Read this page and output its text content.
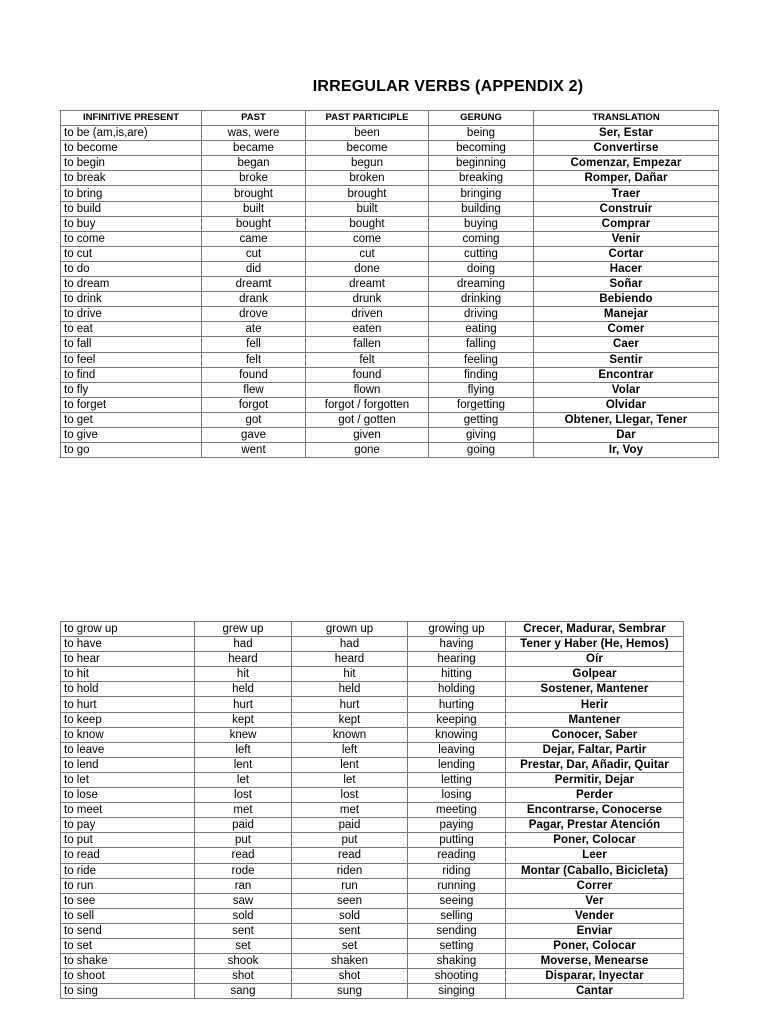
IRREGULAR VERBS (APPENDIX 2)
INFINITIVE PRESENT	PAST	PAST PARTICIPLE	GERUNG	TRANSLATION
to be (am,is,are)	was, were	been	being	Ser, Estar
to become	became	become	becoming	Convertirse
to begin	began	begun	beginning	Comenzar, Empezar
to break	broke	broken	breaking	Romper, Dañar
to bring	brought	brought	bringing	Traer
to build	built	built	building	Construir
to buy	bought	bought	buying	Comprar
to come	came	come	coming	Venir
to cut	cut	cut	cutting	Cortar
to do	did	done	doing	Hacer
to dream	dreamt	dreamt	dreaming	Soñar
to drink	drank	drunk	drinking	Bebiendo
to drive	drove	driven	driving	Manejar
to eat	ate	eaten	eating	Comer
to fall	fell	fallen	falling	Caer
to feel	felt	felt	feeling	Sentir
to find	found	found	finding	Encontrar
to fly	flew	flown	flying	Volar
to forget	forgot	forgot / forgotten	forgetting	Olvidar
to get	got	got / gotten	getting	Obtener, Llegar, Tener
to give	gave	given	giving	Dar
to go	went	gone	going	Ir, Voy
to grow up	grew up	grown up	growing up	Crecer, Madurar, Sembrar
to have	had	had	having	Tener y Haber (He, Hemos)
to hear	heard	heard	hearing	Oír
to hit	hit	hit	hitting	Golpear
to hold	held	held	holding	Sostener, Mantener
to hurt	hurt	hurt	hurting	Herir
to keep	kept	kept	keeping	Mantener
to know	knew	known	knowing	Conocer, Saber
to leave	left	left	leaving	Dejar, Faltar, Partir
to lend	lent	lent	lending	Prestar, Dar, Añadir, Quitar
to let	let	let	letting	Permitir, Dejar
to lose	lost	lost	losing	Perder
to meet	met	met	meeting	Encontrarse, Conocerse
to pay	paid	paid	paying	Pagar, Prestar Atención
to put	put	put	putting	Poner, Colocar
to read	read	read	reading	Leer
to ride	rode	riden	riding	Montar (Caballo, Bicicleta)
to run	ran	run	running	Correr
to see	saw	seen	seeing	Ver
to sell	sold	sold	selling	Vender
to send	sent	sent	sending	Enviar
to set	set	set	setting	Poner, Colocar
to shake	shook	shaken	shaking	Moverse, Menearse
to shoot	shot	shot	shooting	Disparar, Inyectar
to sing	sang	sung	singing	Cantar
